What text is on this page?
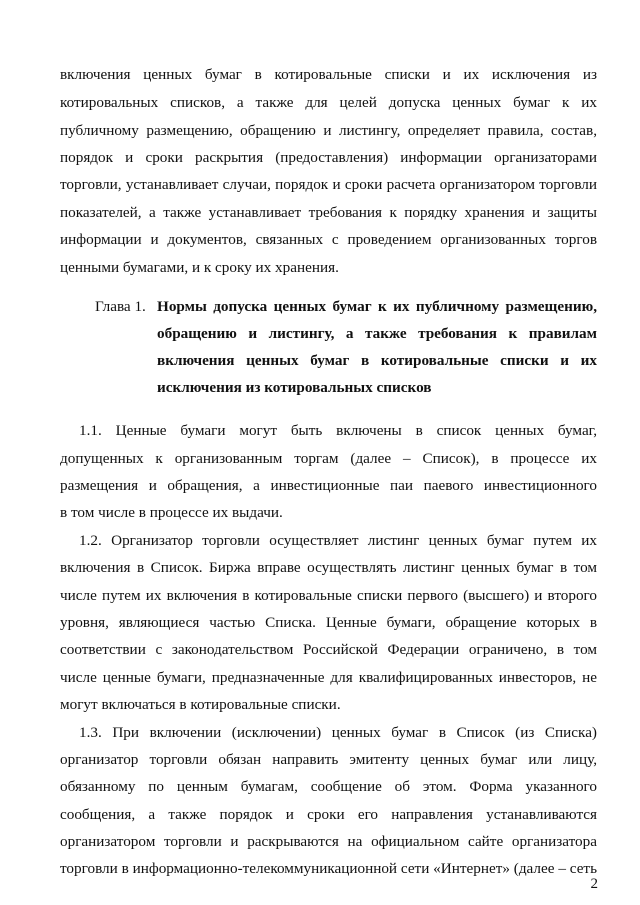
включения ценных бумаг в котировальные списки и их исключения из
котировальных списков, а также для целей допуска ценных бумаг к их
публичному размещению, обращению и листингу, определяет правила, состав,
порядок и сроки раскрытия (предоставления) информации организаторами
торговли, устанавливает случаи, порядок и сроки расчета организатором торговли
показателей, а также устанавливает требования к порядку хранения и защиты
информации и документов, связанных с проведением организованных торгов
ценными бумагами, и к сроку их хранения.
Глава 1. Нормы допуска ценных бумаг к их публичному размещению,
обращению и листингу, а также требования к правилам
включения ценных бумаг в котировальные списки и их
исключения из котировальных списков
1.1. Ценные бумаги могут быть включены в список ценных бумаг,
допущенных к организованным торгам (далее – Список), в процессе их
размещения и обращения, а инвестиционные паи паевого инвестиционного
в том числе в процессе их выдачи.
1.2. Организатор торговли осуществляет листинг ценных бумаг путем их
включения в Список. Биржа вправе осуществлять листинг ценных бумаг в том
числе путем их включения в котировальные списки первого (высшего) и второго
уровня, являющиеся частью Списка. Ценные бумаги, обращение которых в
соответствии с законодательством Российской Федерации ограничено, в том
числе ценные бумаги, предназначенные для квалифицированных инвесторов, не
могут включаться в котировальные списки.
1.3. При включении (исключении) ценных бумаг в Список (из Списка)
организатор торговли обязан направить эмитенту ценных бумаг или лицу,
обязанному по ценным бумагам, сообщение об этом. Форма указанного
сообщения, а также порядок и сроки его направления устанавливаются
организатором торговли и раскрываются на официальном сайте организатора
торговли в информационно-телекоммуникационной сети «Интернет» (далее – сеть
2
